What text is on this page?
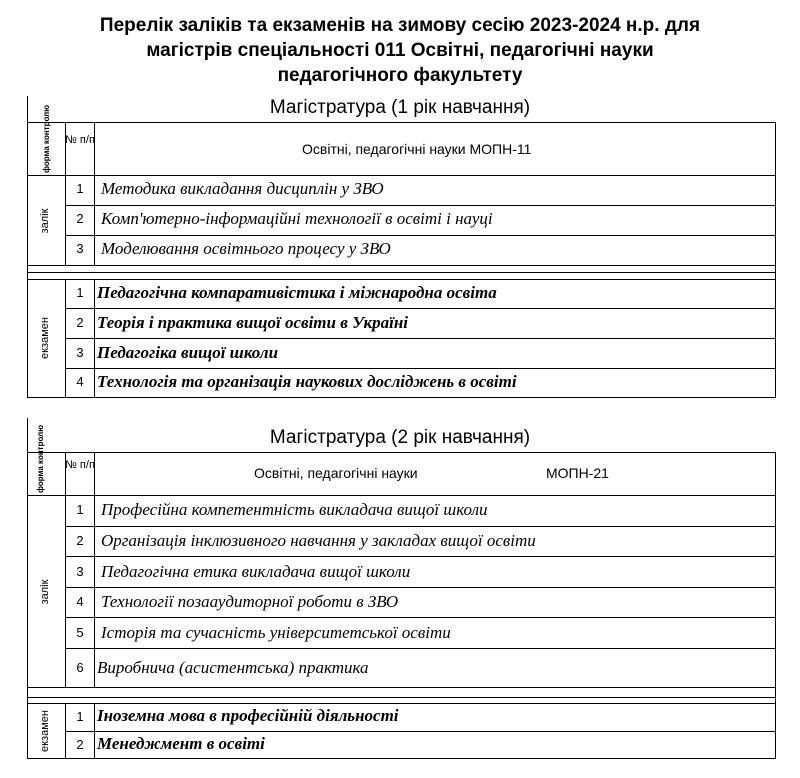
Перелік заліків та екзаменів на зимову сесію 2023-2024 н.р. для
магістрів спеціальності 011 Освітні, педагогічні науки
педагогічного факультету
Магістратура (1 рік навчання)
форма контролю № п/п
Освітні, педагогічні науки МОПН-11
залік
1	Методика викладання дисциплін у ЗВО
2	Комп'ютерно-інформаційні технології в освіті і науці
3	Моделювання освітнього процесу у ЗВО
екзамен
1 Педагогічна компаративістика і міжнародна освіта
2 Теорія і практика вищої освіти в Україні
3 Педагогіка вищої школи
4 Технологія та організація наукових досліджень в освіті
Магістратура (2 рік навчання)
форма контролю № п/п	Освітні, педагогічні науки	МОПН-21
залік
1	Професійна компетентність викладача вищої школи
2	Організація інклюзивного навчання у закладах вищої освіти
3	Педагогічна етика викладача вищої школи
4	Технології позааудиторної роботи в ЗВО
5	Історія та сучасність університетської освіти
6 Виробнича (асистентська) практика
екзамен	1 Іноземна мова в професійній діяльності
2 Менеджмент в освіті
